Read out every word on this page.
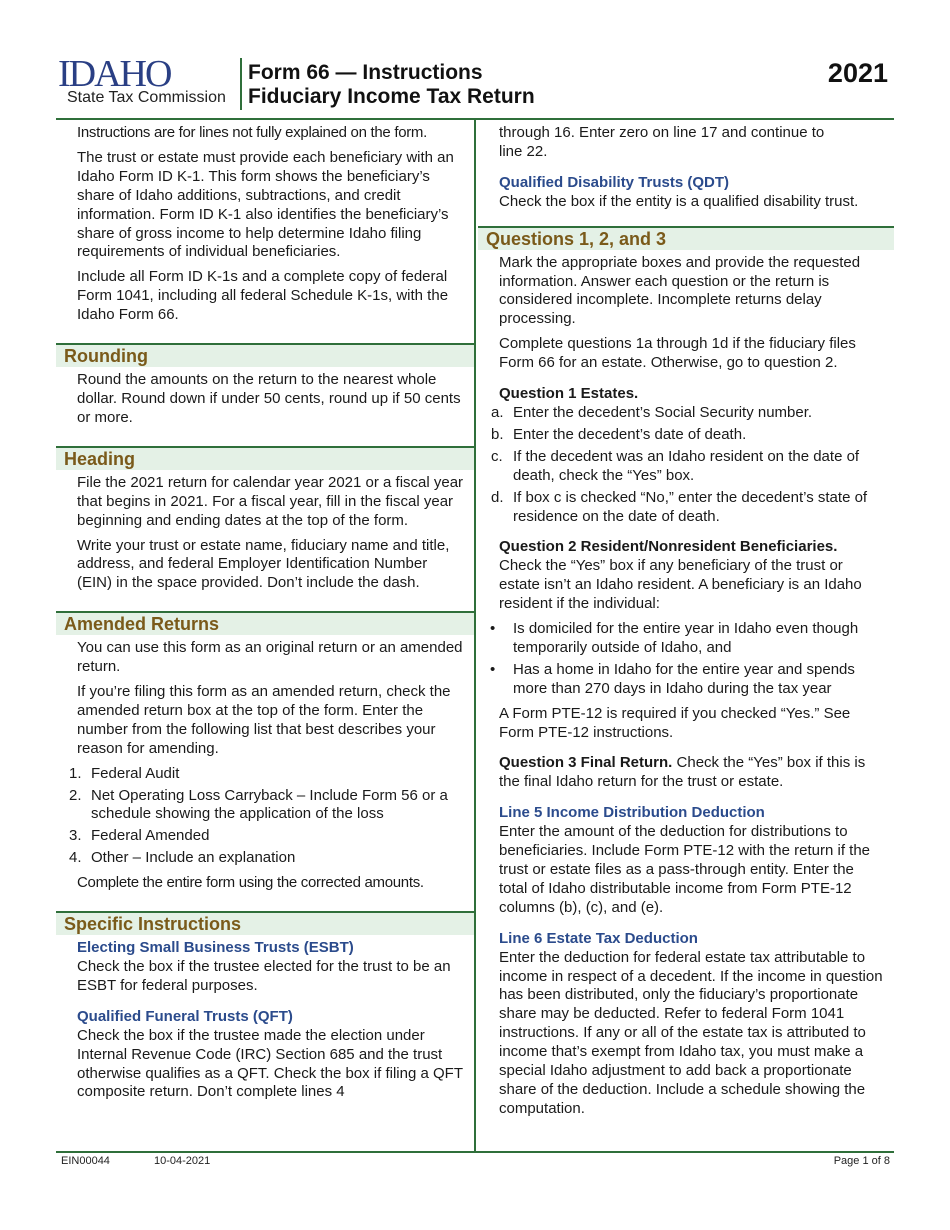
IDAHO
State Tax Commission
Form 66 — Instructions
Fiduciary Income Tax Return
2021

Instructions are for lines not fully explained on the form.

The trust or estate must provide each beneficiary with an Idaho Form ID K-1. This form shows the beneficiary’s share of Idaho additions, subtractions, and credit information. Form ID K-1 also identifies the beneficiary’s share of gross income to help determine Idaho filing requirements of individual beneficiaries.

Include all Form ID K-1s and a complete copy of federal Form 1041, including all federal Schedule K-1s, with the Idaho Form 66.

Rounding

Round the amounts on the return to the nearest whole dollar. Round down if under 50 cents, round up if 50 cents or more.

Heading

File the 2021 return for calendar year 2021 or a fiscal year that begins in 2021. For a fiscal year, fill in the fiscal year beginning and ending dates at the top of the form.

Write your trust or estate name, fiduciary name and title, address, and federal Employer Identification Number (EIN) in the space provided. Don’t include the dash.

Amended Returns

You can use this form as an original return or an amended return.

If you’re filing this form as an amended return, check the amended return box at the top of the form. Enter the number from the following list that best describes your reason for amending.

1. Federal Audit
2. Net Operating Loss Carryback – Include Form 56 or a schedule showing the application of the loss
3. Federal Amended
4. Other – Include an explanation

Complete the entire form using the corrected amounts.

Specific Instructions
Electing Small Business Trusts (ESBT)

Check the box if the trustee elected for the trust to be an ESBT for federal purposes.

Qualified Funeral Trusts (QFT)

Check the box if the trustee made the election under Internal Revenue Code (IRC) Section 685 and the trust otherwise qualifies as a QFT. Check the box if filing a QFT composite return. Don’t complete lines 4

through 16. Enter zero on line 17 and continue to line 22.

Qualified Disability Trusts (QDT)

Check the box if the entity is a qualified disability trust.

Questions 1, 2, and 3

Mark the appropriate boxes and provide the requested information. Answer each question or the return is considered incomplete. Incomplete returns delay processing.

Complete questions 1a through 1d if the fiduciary files Form 66 for an estate. Otherwise, go to question 2.

Question 1 Estates.
a. Enter the decedent’s Social Security number.
b. Enter the decedent’s date of death.
c. If the decedent was an Idaho resident on the date of death, check the “Yes” box.
d. If box c is checked “No,” enter the decedent’s state of residence on the date of death.
Question 2 Resident/Nonresident Beneficiaries.

Check the “Yes” box if any beneficiary of the trust or estate isn’t an Idaho resident. A beneficiary is an Idaho resident if the individual:

• Is domiciled for the entire year in Idaho even though temporarily outside of Idaho, and
• Has a home in Idaho for the entire year and spends more than 270 days in Idaho during the tax year

A Form PTE-12 is required if you checked “Yes.” See Form PTE-12 instructions.

Question 3 Final Return. Check the “Yes” box if this is the final Idaho return for the trust or estate.

Line 5 Income Distribution Deduction

Enter the amount of the deduction for distributions to beneficiaries. Include Form PTE-12 with the return if the trust or estate files as a pass-through entity. Enter the total of Idaho distributable income from Form PTE-12 columns (b), (c), and (e).

Line 6 Estate Tax Deduction

Enter the deduction for federal estate tax attributable to income in respect of a decedent. If the income in question has been distributed, only the fiduciary’s proportionate share may be deducted. Refer to federal Form 1041 instructions. If any or all of the estate tax is attributed to income that’s exempt from Idaho tax, you must make a special Idaho adjustment to add back a proportionate share of the deduction. Include a schedule showing the computation.

EIN00044	10-04-2021	Page 1 of 8
